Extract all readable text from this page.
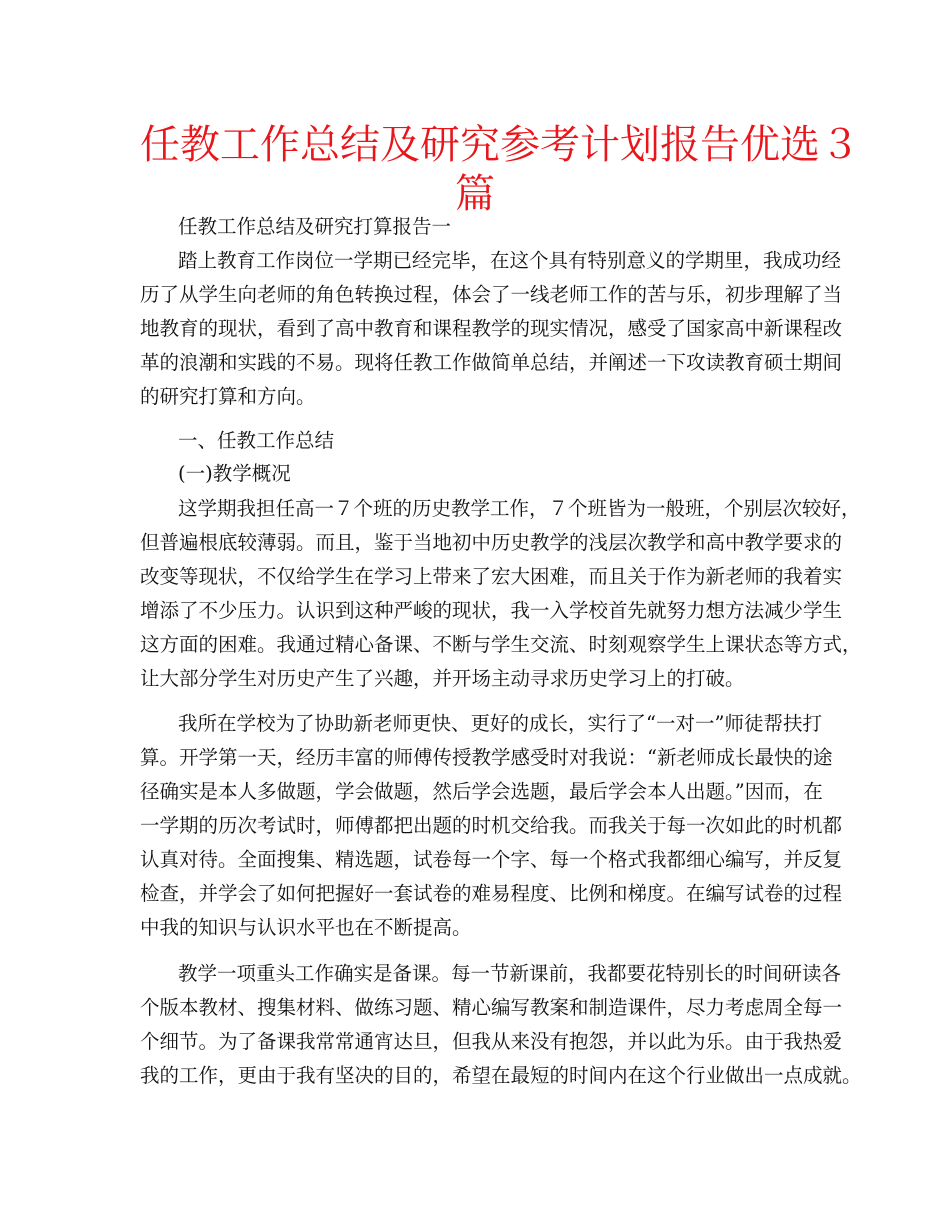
任教工作总结及研究参考计划报告优选３
篇

任教工作总结及研究打算报告一

踏上教育工作岗位一学期已经完毕，在这个具有特别意义的学期里，我成功经

历了从学生向老师的角色转换过程，体会了一线老师工作的苦与乐，初步理解了当

地教育的现状，看到了高中教育和课程教学的现实情况，感受了国家高中新课程改

革的浪潮和实践的不易。现将任教工作做简单总结，并阐述一下攻读教育硕士期间

的研究打算和方向。

一、任教工作总结

(一)教学概况

这学期我担任高一７个班的历史教学工作，７个班皆为一般班，个别层次较好，

但普遍根底较薄弱。而且，鉴于当地初中历史教学的浅层次教学和高中教学要求的

改变等现状，不仅给学生在学习上带来了宏大困难，而且关于作为新老师的我着实

增添了不少压力。认识到这种严峻的现状，我一入学校首先就努力想方法减少学生

这方面的困难。我通过精心备课、不断与学生交流、时刻观察学生上课状态等方式，

让大部分学生对历史产生了兴趣，并开场主动寻求历史学习上的打破。

我所在学校为了协助新老师更快、更好的成长，实行了“一对一”师徒帮扶打

算。开学第一天，经历丰富的师傅传授教学感受时对我说：“新老师成长最快的途

径确实是本人多做题，学会做题，然后学会选题，最后学会本人出题。”因而，在

一学期的历次考试时，师傅都把出题的时机交给我。而我关于每一次如此的时机都

认真对待。全面搜集、精选题，试卷每一个字、每一个格式我都细心编写，并反复

检查，并学会了如何把握好一套试卷的难易程度、比例和梯度。在编写试卷的过程

中我的知识与认识水平也在不断提高。

教学一项重头工作确实是备课。每一节新课前，我都要花特别长的时间研读各

个版本教材、搜集材料、做练习题、精心编写教案和制造课件，尽力考虑周全每一

个细节。为了备课我常常通宵达旦，但我从来没有抱怨，并以此为乐。由于我热爱

我的工作，更由于我有坚决的目的，希望在最短的时间内在这个行业做出一点成就。
